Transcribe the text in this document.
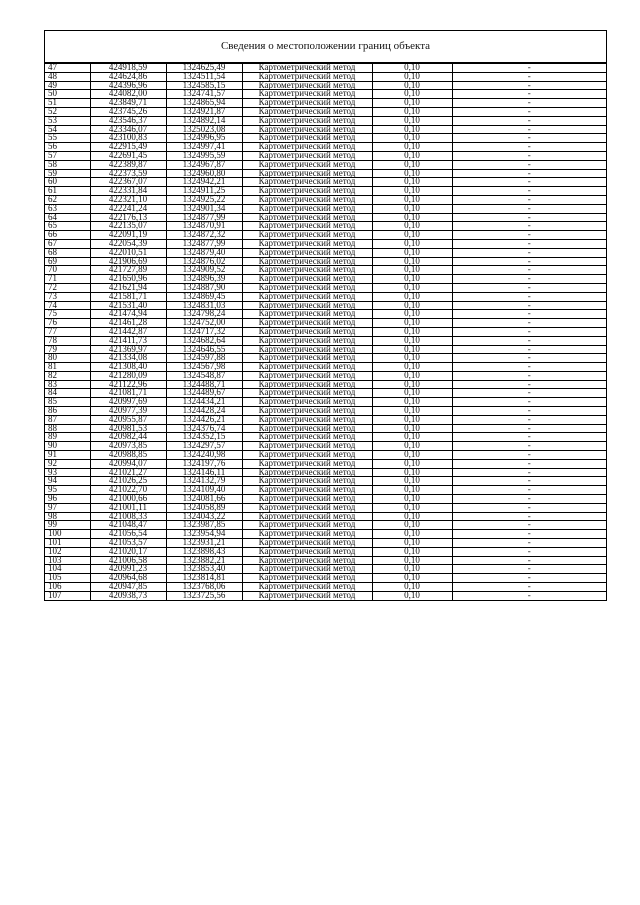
Сведения о местоположении границ объекта
47	424918,59	1324625,49	Картометрический метод	0,10	-
48	424624,86	1324511,54	Картометрический метод	0,10	-
49	424396,96	1324585,15	Картометрический метод	0,10	-
50	424082,00	1324741,57	Картометрический метод	0,10	-
51	423849,71	1324865,94	Картометрический метод	0,10	-
52	423745,26	1324921,87	Картометрический метод	0,10	-
53	423546,37	1324892,14	Картометрический метод	0,10	-
54	423346,07	1325023,08	Картометрический метод	0,10	-
55	423100,83	1324996,95	Картометрический метод	0,10	-
56	422915,49	1324997,41	Картометрический метод	0,10	-
57	422691,45	1324995,59	Картометрический метод	0,10	-
58	422389,87	1324967,87	Картометрический метод	0,10	-
59	422373,59	1324960,80	Картометрический метод	0,10	-
60	422367,07	1324942,21	Картометрический метод	0,10	-
61	422331,84	1324911,25	Картометрический метод	0,10	-
62	422321,10	1324925,22	Картометрический метод	0,10	-
63	422241,24	1324901,34	Картометрический метод	0,10	-
64	422176,13	1324877,99	Картометрический метод	0,10	-
65	422135,07	1324870,91	Картометрический метод	0,10	-
66	422091,19	1324872,32	Картометрический метод	0,10	-
67	422054,39	1324877,99	Картометрический метод	0,10	-
68	422010,51	1324879,40	Картометрический метод	0,10	-
69	421906,69	1324876,02	Картометрический метод	0,10	-
70	421727,89	1324909,52	Картометрический метод	0,10	-
71	421650,96	1324896,39	Картометрический метод	0,10	-
72	421621,94	1324887,90	Картометрический метод	0,10	-
73	421581,71	1324869,45	Картометрический метод	0,10	-
74	421531,40	1324831,03	Картометрический метод	0,10	-
75	421474,94	1324798,24	Картометрический метод	0,10	-
76	421461,28	1324752,00	Картометрический метод	0,10	-
77	421442,87	1324717,32	Картометрический метод	0,10	-
78	421411,73	1324682,64	Картометрический метод	0,10	-
79	421369,97	1324646,55	Картометрический метод	0,10	-
80	421334,08	1324597,88	Картометрический метод	0,10	-
81	421308,40	1324567,98	Картометрический метод	0,10	-
82	421280,09	1324548,87	Картометрический метод	0,10	-
83	421122,96	1324488,71	Картометрический метод	0,10	-
84	421081,71	1324489,67	Картометрический метод	0,10	-
85	420997,69	1324434,21	Картометрический метод	0,10	-
86	420977,39	1324428,24	Картометрический метод	0,10	-
87	420955,87	1324426,21	Картометрический метод	0,10	-
88	420981,53	1324376,74	Картометрический метод	0,10	-
89	420982,44	1324352,15	Картометрический метод	0,10	-
90	420973,85	1324297,57	Картометрический метод	0,10	-
91	420988,85	1324240,98	Картометрический метод	0,10	-
92	420994,07	1324197,76	Картометрический метод	0,10	-
93	421021,27	1324146,11	Картометрический метод	0,10	-
94	421026,25	1324132,79	Картометрический метод	0,10	-
95	421022,70	1324109,40	Картометрический метод	0,10	-
96	421000,66	1324081,66	Картометрический метод	0,10	-
97	421001,11	1324058,89	Картометрический метод	0,10	-
98	421008,33	1324043,22	Картометрический метод	0,10	-
99	421048,47	1323987,85	Картометрический метод	0,10	-
100	421056,54	1323954,94	Картометрический метод	0,10	-
101	421053,57	1323931,21	Картометрический метод	0,10	-
102	421020,17	1323898,43	Картометрический метод	0,10	-
103	421006,58	1323882,21	Картометрический метод	0,10	-
104	420991,23	1323853,40	Картометрический метод	0,10	-
105	420964,68	1323814,81	Картометрический метод	0,10	-
106	420947,85	1323768,06	Картометрический метод	0,10	-
107	420938,73	1323725,56	Картометрический метод	0,10	-
